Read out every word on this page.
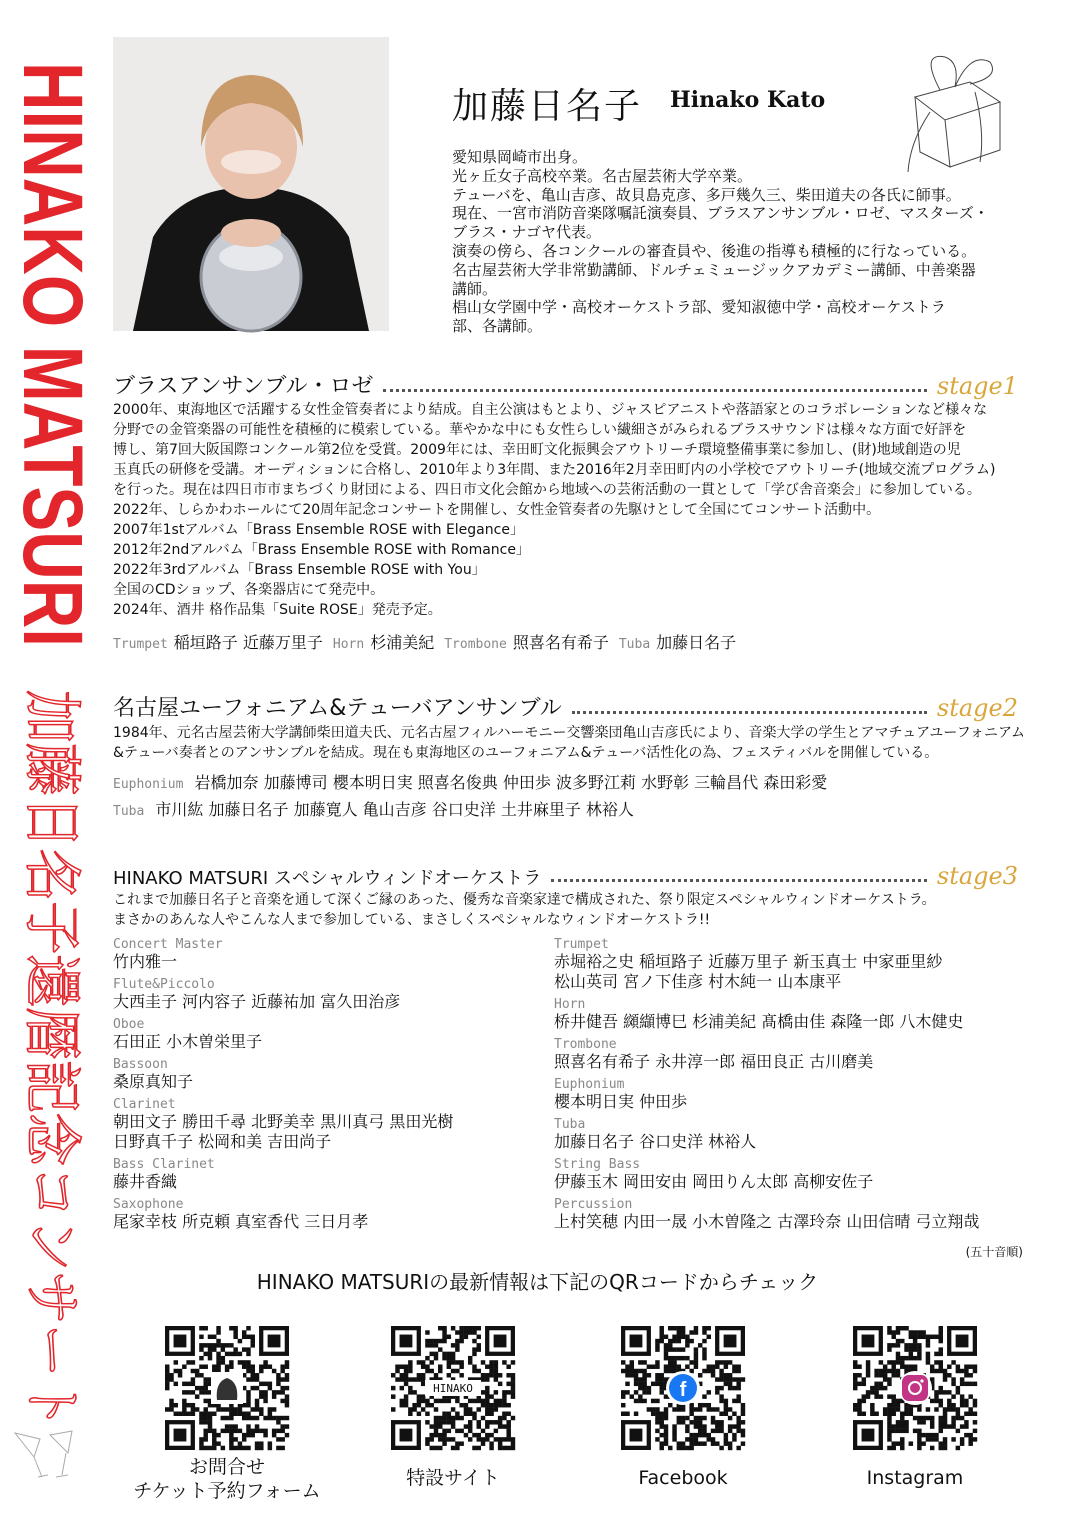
HINAKO MATSURI
加藤日名子還暦記念コンサート
加藤日名子 Hinako Kato
愛知県岡崎市出身。
光ヶ丘女子高校卒業。名古屋芸術大学卒業。
テューバを、亀山吉彦、故貝島克彦、多戸幾久三、柴田道夫の各氏に師事。
現在、一宮市消防音楽隊嘱託演奏員、ブラスアンサンブル・ロゼ、マスターズ・
ブラス・ナゴヤ代表。
演奏の傍ら、各コンクールの審査員や、後進の指導も積極的に行なっている。
名古屋芸術大学非常勤講師、ドルチェミュージックアカデミー講師、中善楽器
講師。
椙山女学園中学・高校オーケストラ部、愛知淑徳中学・高校オーケストラ
部、各講師。
ブラスアンサンブル・ロゼ	stage1
2000年、東海地区で活躍する女性金管奏者により結成。自主公演はもとより、ジャスピアニストや落語家とのコラボレーションなど様々な
分野での金管楽器の可能性を積極的に模索している。華やかな中にも女性らしい繊細さがみられるブラスサウンドは様々な方面で好評を
博し、第7回大阪国際コンクール第2位を受賞。2009年には、幸田町文化振興会アウトリーチ環境整備事業に参加し、(財)地域創造の児
玉真氏の研修を受講。オーディションに合格し、2010年より3年間、また2016年2月幸田町内の小学校でアウトリーチ(地域交流プログラム)
を行った。現在は四日市市まちづくり財団による、四日市文化会館から地域への芸術活動の一貫として「学び舎音楽会」に参加している。
2022年、しらかわホールにて20周年記念コンサートを開催し、女性金管奏者の先駆けとして全国にてコンサート活動中。
2007年1stアルバム「Brass Ensemble ROSE with Elegance」
2012年2ndアルバム「Brass Ensemble ROSE with Romance」
2022年3rdアルバム「Brass Ensemble ROSE with You」
全国のCDショップ、各楽器店にて発売中。
2024年、酒井 格作品集「Suite ROSE」発売予定。
Trumpet 稲垣路子 近藤万里子 Horn 杉浦美紀 Trombone 照喜名有希子 Tuba 加藤日名子
名古屋ユーフォニアム&テューバアンサンブル	stage2
1984年、元名古屋芸術大学講師柴田道夫氏、元名古屋フィルハーモニー交響楽団亀山吉彦氏により、音楽大学の学生とアマチュアユーフォニアム
&テューバ奏者とのアンサンブルを結成。現在も東海地区のユーフォニアム&テューバ活性化の為、フェスティバルを開催している。
Euphonium 岩橋加奈 加藤博司 櫻本明日実 照喜名俊典 仲田歩 波多野江莉 水野彰 三輪昌代 森田彩愛
Tuba 市川紘 加藤日名子 加藤寛人 亀山吉彦 谷口史洋 土井麻里子 林裕人
HINAKO MATSURI スペシャルウィンドオーケストラ	stage3
これまで加藤日名子と音楽を通して深くご縁のあった、優秀な音楽家達で構成された、祭り限定スペシャルウィンドオーケストラ。
まさかのあんな人やこんな人まで参加している、まさしくスペシャルなウィンドオーケストラ!!
Concert Master
竹内雅一
Flute&Piccolo
大西圭子 河内容子 近藤祐加 富久田治彦
Oboe
石田正 小木曽栄里子
Bassoon
桑原真知子
Clarinet
朝田文子 勝田千尋 北野美幸 黒川真弓 黒田光樹
日野真千子 松岡和美 吉田尚子
Bass Clarinet
藤井香織
Saxophone
尾家幸枝 所克頼 真室香代 三日月孝
Trumpet
赤堀裕之史 稲垣路子 近藤万里子 新玉真士 中家亜里紗
松山英司 宮ノ下佳彦 村木純一 山本康平
Horn
桥井健吾 纐纈博巳 杉浦美紀 髙橋由佳 森隆一郎 八木健史
Trombone
照喜名有希子 永井淳一郎 福田良正 古川磨美
Euphonium
櫻本明日実 仲田歩
Tuba
加藤日名子 谷口史洋 林裕人
String Bass
伊藤玉木 岡田安由 岡田りん太郎 高柳安佐子
Percussion
上村笑穂 内田一晟 小木曽隆之 古澤玲奈 山田信晴 弓立翔哉
(五十音順)
HINAKO MATSURIの最新情報は下記のQRコードからチェック
お問合せ
チケット予約フォーム
HINAKO
特設サイト
f
Facebook	Instagram
